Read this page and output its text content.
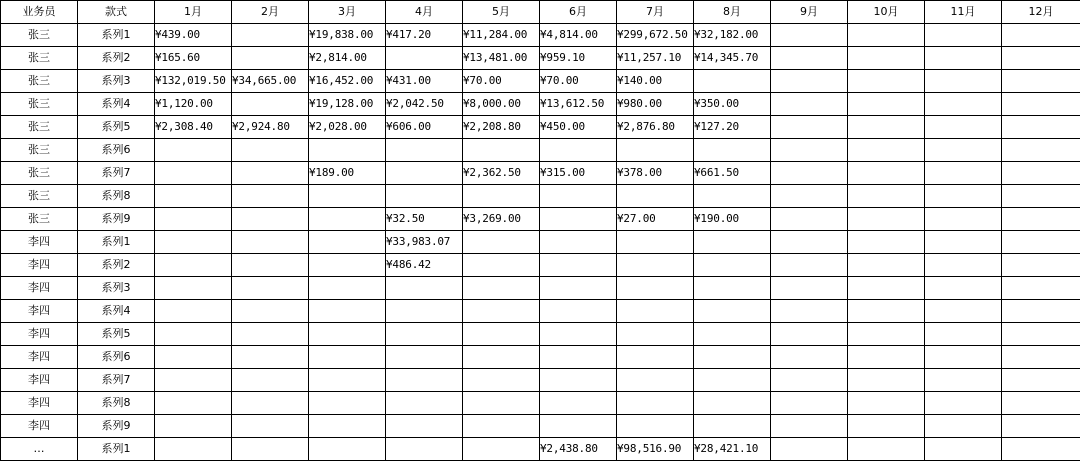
业务员	款式	1月	2月	3月	4月	5月	6月	7月	8月	9月	10月	11月	12月
张三	系列1	¥439.00		¥19,838.00	¥417.20	¥11,284.00	¥4,814.00	¥299,672.50	¥32,182.00				
张三	系列2	¥165.60		¥2,814.00		¥13,481.00	¥959.10	¥11,257.10	¥14,345.70				
张三	系列3	¥132,019.50	¥34,665.00	¥16,452.00	¥431.00	¥70.00	¥70.00	¥140.00					
张三	系列4	¥1,120.00		¥19,128.00	¥2,042.50	¥8,000.00	¥13,612.50	¥980.00	¥350.00				
张三	系列5	¥2,308.40	¥2,924.80	¥2,028.00	¥606.00	¥2,208.80	¥450.00	¥2,876.80	¥127.20				
张三	系列6												
张三	系列7			¥189.00		¥2,362.50	¥315.00	¥378.00	¥661.50				
张三	系列8												
张三	系列9				¥32.50	¥3,269.00		¥27.00	¥190.00				
李四	系列1				¥33,983.07								
李四	系列2				¥486.42								
李四	系列3												
李四	系列4												
李四	系列5												
李四	系列6												
李四	系列7												
李四	系列8												
李四	系列9												
…	系列1						¥2,438.80	¥98,516.90	¥28,421.10				
